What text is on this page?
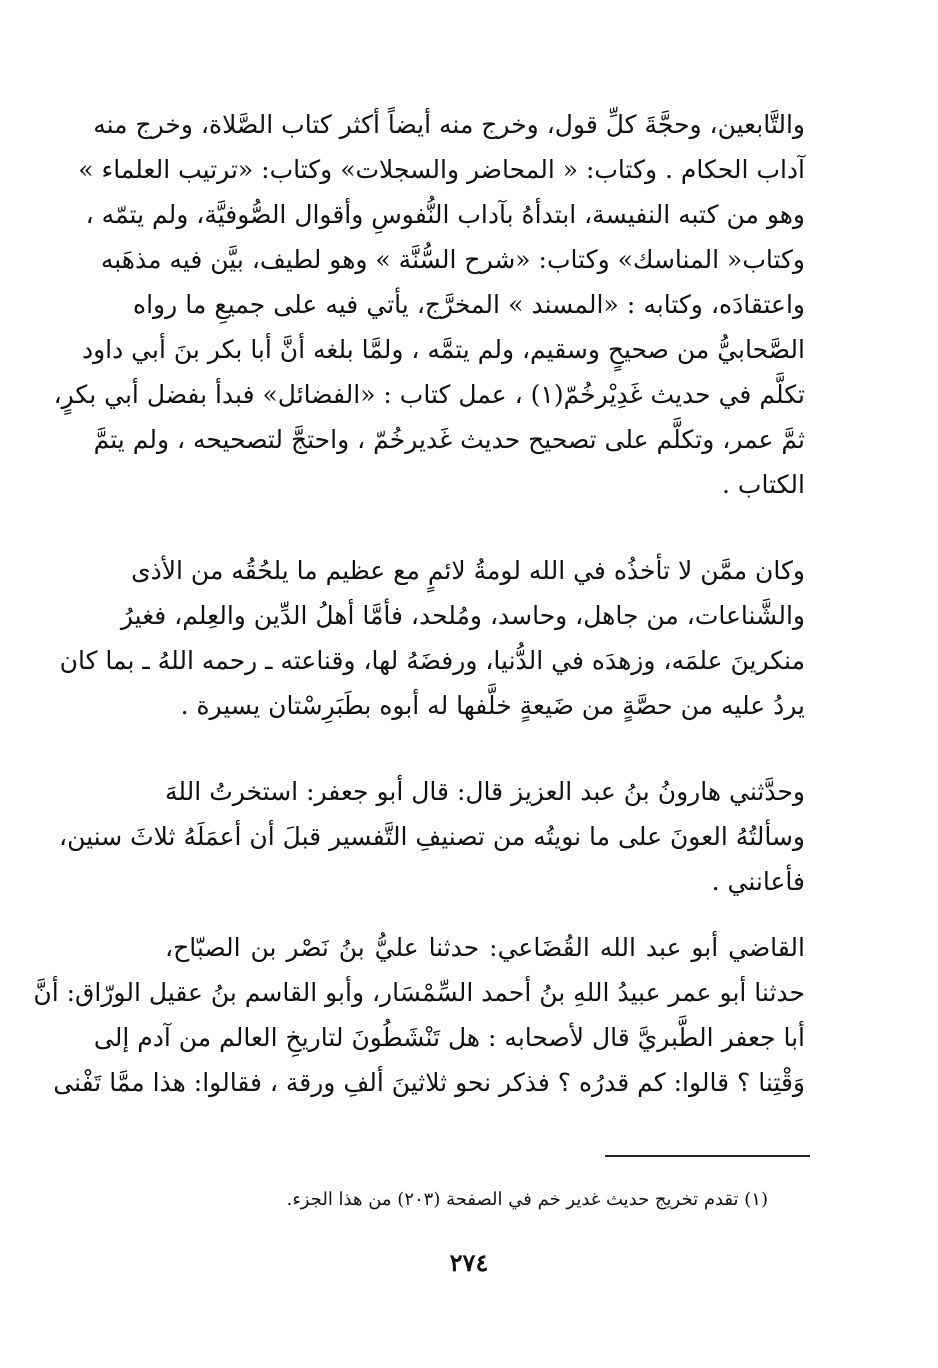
والتَّابعين، وحجَّةَ كلِّ قول، وخرج منه أيضاً أكثر كتاب الصَّلاة، وخرج منه
آداب الحكام . وكتاب: « المحاضر والسجلات» وكتاب: «ترتيب العلماء »
وهو من كتبه النفيسة، ابتدأهُ بآداب النُّفوسِ وأقوال الصُّوفيَّة، ولم يتمّه ،
وكتاب« المناسك» وكتاب: «شرح السُّنَّة » وهو لطيف، بيَّن فيه مذهَبه
واعتقادَه، وكتابه : «المسند » المخرَّج، يأتي فيه على جميعِ ما رواه
الصَّحابيُّ من صحيحٍ وسقيم، ولم يتمَّه ، ولمَّا بلغه أنَّ أبا بكر بنَ أبي داود
تكلَّم في حديث غَدِيْرخُمّ(١) ، عمل كتاب : «الفضائل» فبدأ بفضل أبي بكرٍ،
ثمَّ عمر، وتكلَّم على تصحيح حديث غَديرخُمّ ، واحتجَّ لتصحيحه ، ولم يتمَّ
الكتاب .
وكان ممَّن لا تأخذُه في الله لومةُ لائمٍ مع عظيم ما يلحُقُه من الأذى
والشَّناعات، من جاهل، وحاسد، ومُلحد، فأمَّا أهلُ الدِّين والعِلم، فغيرُ
منكرينَ علمَه، وزهدَه في الدُّنيا، ورفضَهُ لها، وقناعته ـ رحمه اللهُ ـ بما كان
يردُ عليه من حصَّةٍ من ضَيعةٍ خلَّفها له أبوه بطَبَرِسْتان يسيرة .
وحدَّثني هارونُ بنُ عبد العزيز قال: قال أبو جعفر: استخرتُ اللهَ
وسألتُهُ العونَ على ما نويتُه من تصنيفِ التَّفسير قبلَ أن أعمَلَهُ ثلاثَ سنين،
فأعانني .
القاضي أبو عبد الله القُضَاعي: حدثنا عليُّ بنُ نَصْر بن الصبّاح،
حدثنا أبو عمر عبيدُ اللهِ بنُ أحمد السِّمْسَار، وأبو القاسم بنُ عقيل الورّاق: أنَّ
أبا جعفر الطَّبريَّ قال لأصحابه : هل تَنْشَطُونَ لتاريخِ العالم من آدم إلى
وَقْتِنا ؟ قالوا: كم قدرُه ؟ فذكر نحو ثلاثينَ ألفِ ورقة ، فقالوا: هذا ممَّا تَفْنى
(١) تقدم تخريج حديث غدير خم في الصفحة (٢٠٣) من هذا الجزء.
٢٧٤
